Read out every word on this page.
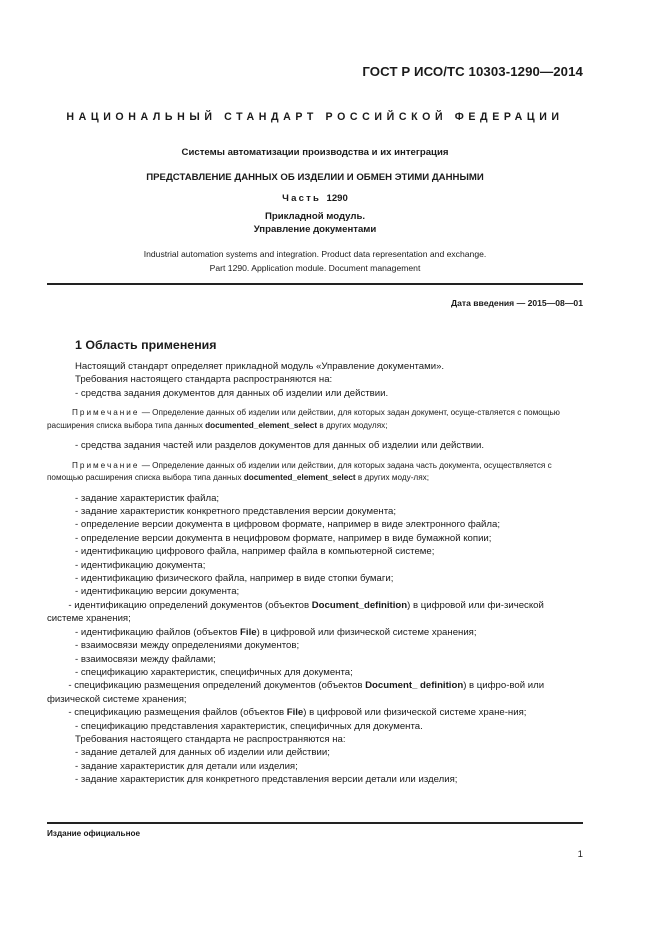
ГОСТ Р ИСО/ТС 10303-1290—2014
НАЦИОНАЛЬНЫЙ СТАНДАРТ РОССИЙСКОЙ ФЕДЕРАЦИИ
Системы автоматизации производства и их интеграция
ПРЕДСТАВЛЕНИЕ ДАННЫХ ОБ ИЗДЕЛИИ И ОБМЕН ЭТИМИ ДАННЫМИ
Часть 1290
Прикладной модуль.
Управление документами
Industrial automation systems and integration. Product data representation and exchange.
Part 1290. Application module. Document management
Дата введения — 2015—08—01
1 Область применения

Настоящий стандарт определяет прикладной модуль «Управление документами».

Требования настоящего стандарта распространяются на:

- средства задания документов для данных об изделии или действии.

Примечание — Определение данных об изделии или действии, для которых задан документ, осуще-ствляется с помощью расширения списка выбора типа данных documented_element_select в других модулях;

- средства задания частей или разделов документов для данных об изделии или действии.

Примечание — Определение данных об изделии или действии, для которых задана часть документа, осуществляется с помощью расширения списка выбора типа данных documented_element_select в других моду-лях;

- задание характеристик файла;

- задание характеристик конкретного представления версии документа;

- определение версии документа в цифровом формате, например в виде электронного файла;

- определение версии документа в нецифровом формате, например в виде бумажной копии;

- идентификацию цифрового файла, например файла в компьютерной системе;

- идентификацию документа;

- идентификацию физического файла, например в виде стопки бумаги;

- идентификацию версии документа;

- идентификацию определений документов (объектов Document_definition) в цифровой или фи-зической системе хранения;

- идентификацию файлов (объектов File) в цифровой или физической системе хранения;

- взаимосвязи между определениями документов;

- взаимосвязи между файлами;

- спецификацию характеристик, специфичных для документа;

- спецификацию размещения определений документов (объектов Document_ definition) в цифро-вой или физической системе хранения;

- спецификацию размещения файлов (объектов File) в цифровой или физической системе хране-ния;

- спецификацию представления характеристик, специфичных для документа.

Требования настоящего стандарта не распространяются на:

- задание деталей для данных об изделии или действии;

- задание характеристик для детали или изделия;

- задание характеристик для конкретного представления версии детали или изделия;

Издание официальное
1
